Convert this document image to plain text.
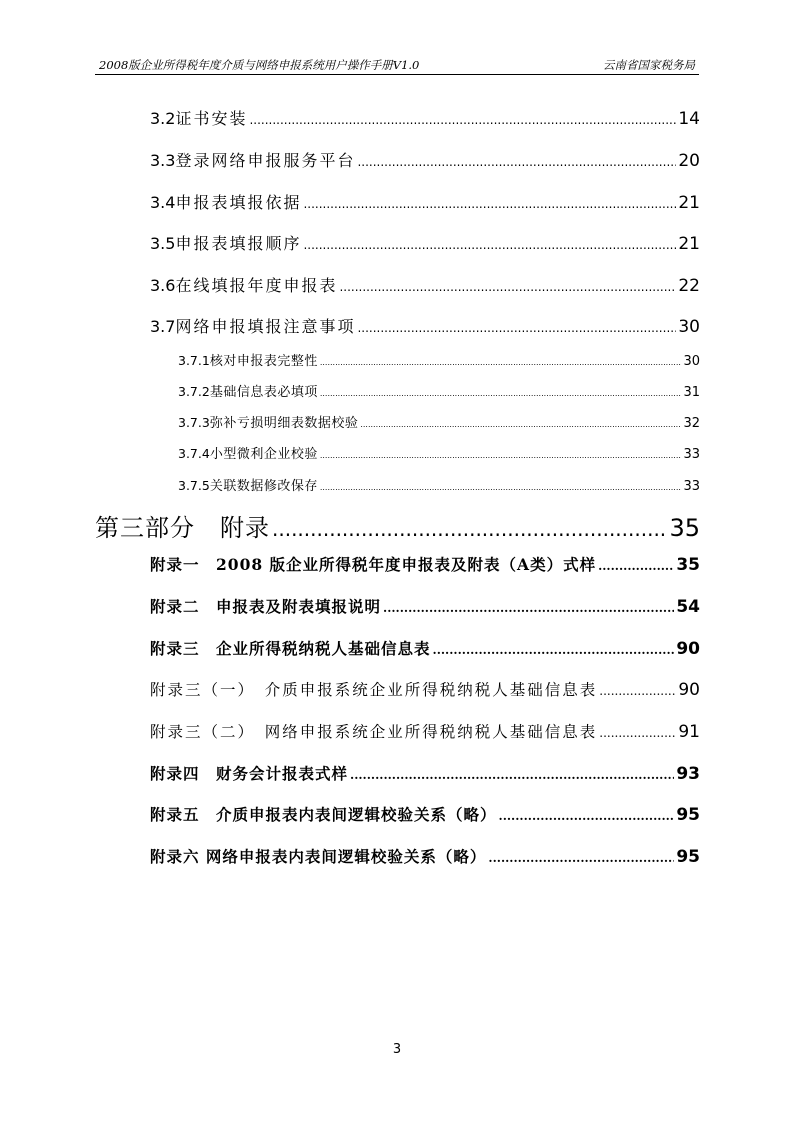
2008版企业所得税年度介质与网络申报系统用户操作手册V1.0	云南省国家税务局
3.2 证书安装 .....	14
3.3 登录网络申报服务平台 .....	20
3.4 申报表填报依据 .....	21
3.5 申报表填报顺序 .....	21
3.6 在线填报年度申报表 .....	22
3.7 网络申报填报注意事项 .....	30
3.7.1 核对申报表完整性 .....	30
3.7.2 基础信息表必填项 .....	31
3.7.3 弥补亏损明细表数据校验 .....	32
3.7.4 小型微利企业校验 .....	33
3.7.5 关联数据修改保存 .....	33
第三部分　附录 .....	35
附录一　2008 版企业所得税年度申报表及附表（A类）式样 .....	35
附录二　申报表及附表填报说明 .....	54
附录三　企业所得税纳税人基础信息表 .....	90
附录三（一）　介质申报系统企业所得税纳税人基础信息表 .....	90
附录三（二）　网络申报系统企业所得税纳税人基础信息表 .....	91
附录四　财务会计报表式样 .....	93
附录五　介质申报表内表间逻辑校验关系（略） .....	95
附录六 网络申报表内表间逻辑校验关系（略） .....	95
3
